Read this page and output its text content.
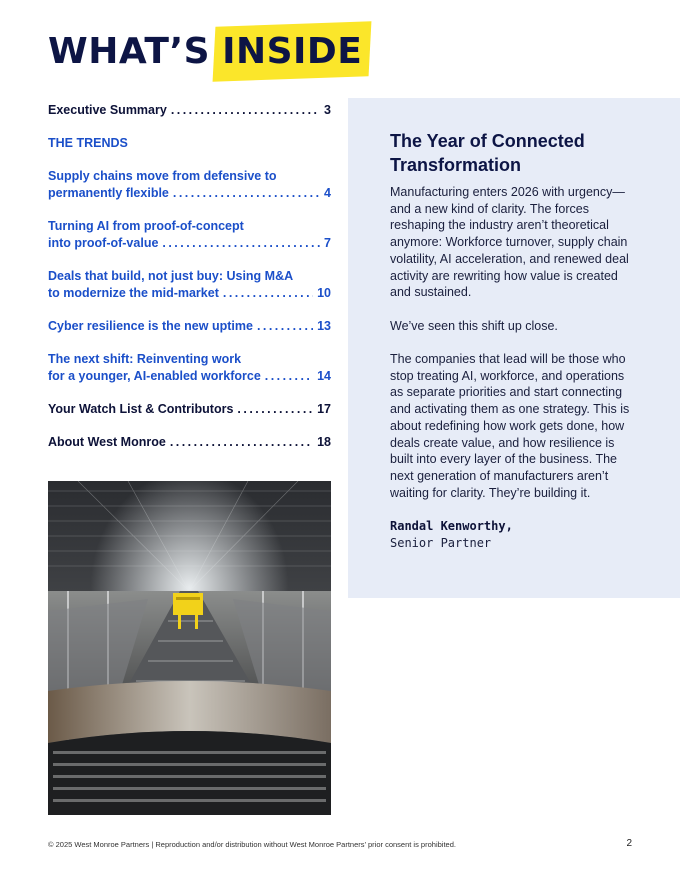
WHAT’S INSIDE
Executive Summary . . .	3
THE TRENDS
Supply chains move from defensive to
permanently flexible . . .	4
Turning AI from proof-of-concept
into proof-of-value . . .	7
Deals that build, not just buy: Using M&A
to modernize the mid-market . . .	10
Cyber resilience is the new uptime . . .	13
The next shift: Reinventing work
for a younger, AI-enabled workforce . . .	14
Your Watch List & Contributors . . .	17
About West Monroe . . .	18
The Year of Connected Transformation

Manufacturing enters 2026 with urgency—and a new kind of clarity. The forces reshaping the industry aren’t theoretical anymore: Workforce turnover, supply chain volatility, AI acceleration, and renewed deal activity are rewriting how value is created and sustained.

We’ve seen this shift up close.

The companies that lead will be those who stop treating AI, workforce, and operations as separate priorities and start connecting and activating them as one strategy. This is about redefining how work gets done, how deals create value, and how resilience is built into every layer of the business. The next generation of manufacturers aren’t waiting for clarity. They’re building it.

Randal Kenworthy,
Senior Partner
© 2025 West Monroe Partners | Reproduction and/or distribution without West Monroe Partners’ prior consent is prohibited.	2
